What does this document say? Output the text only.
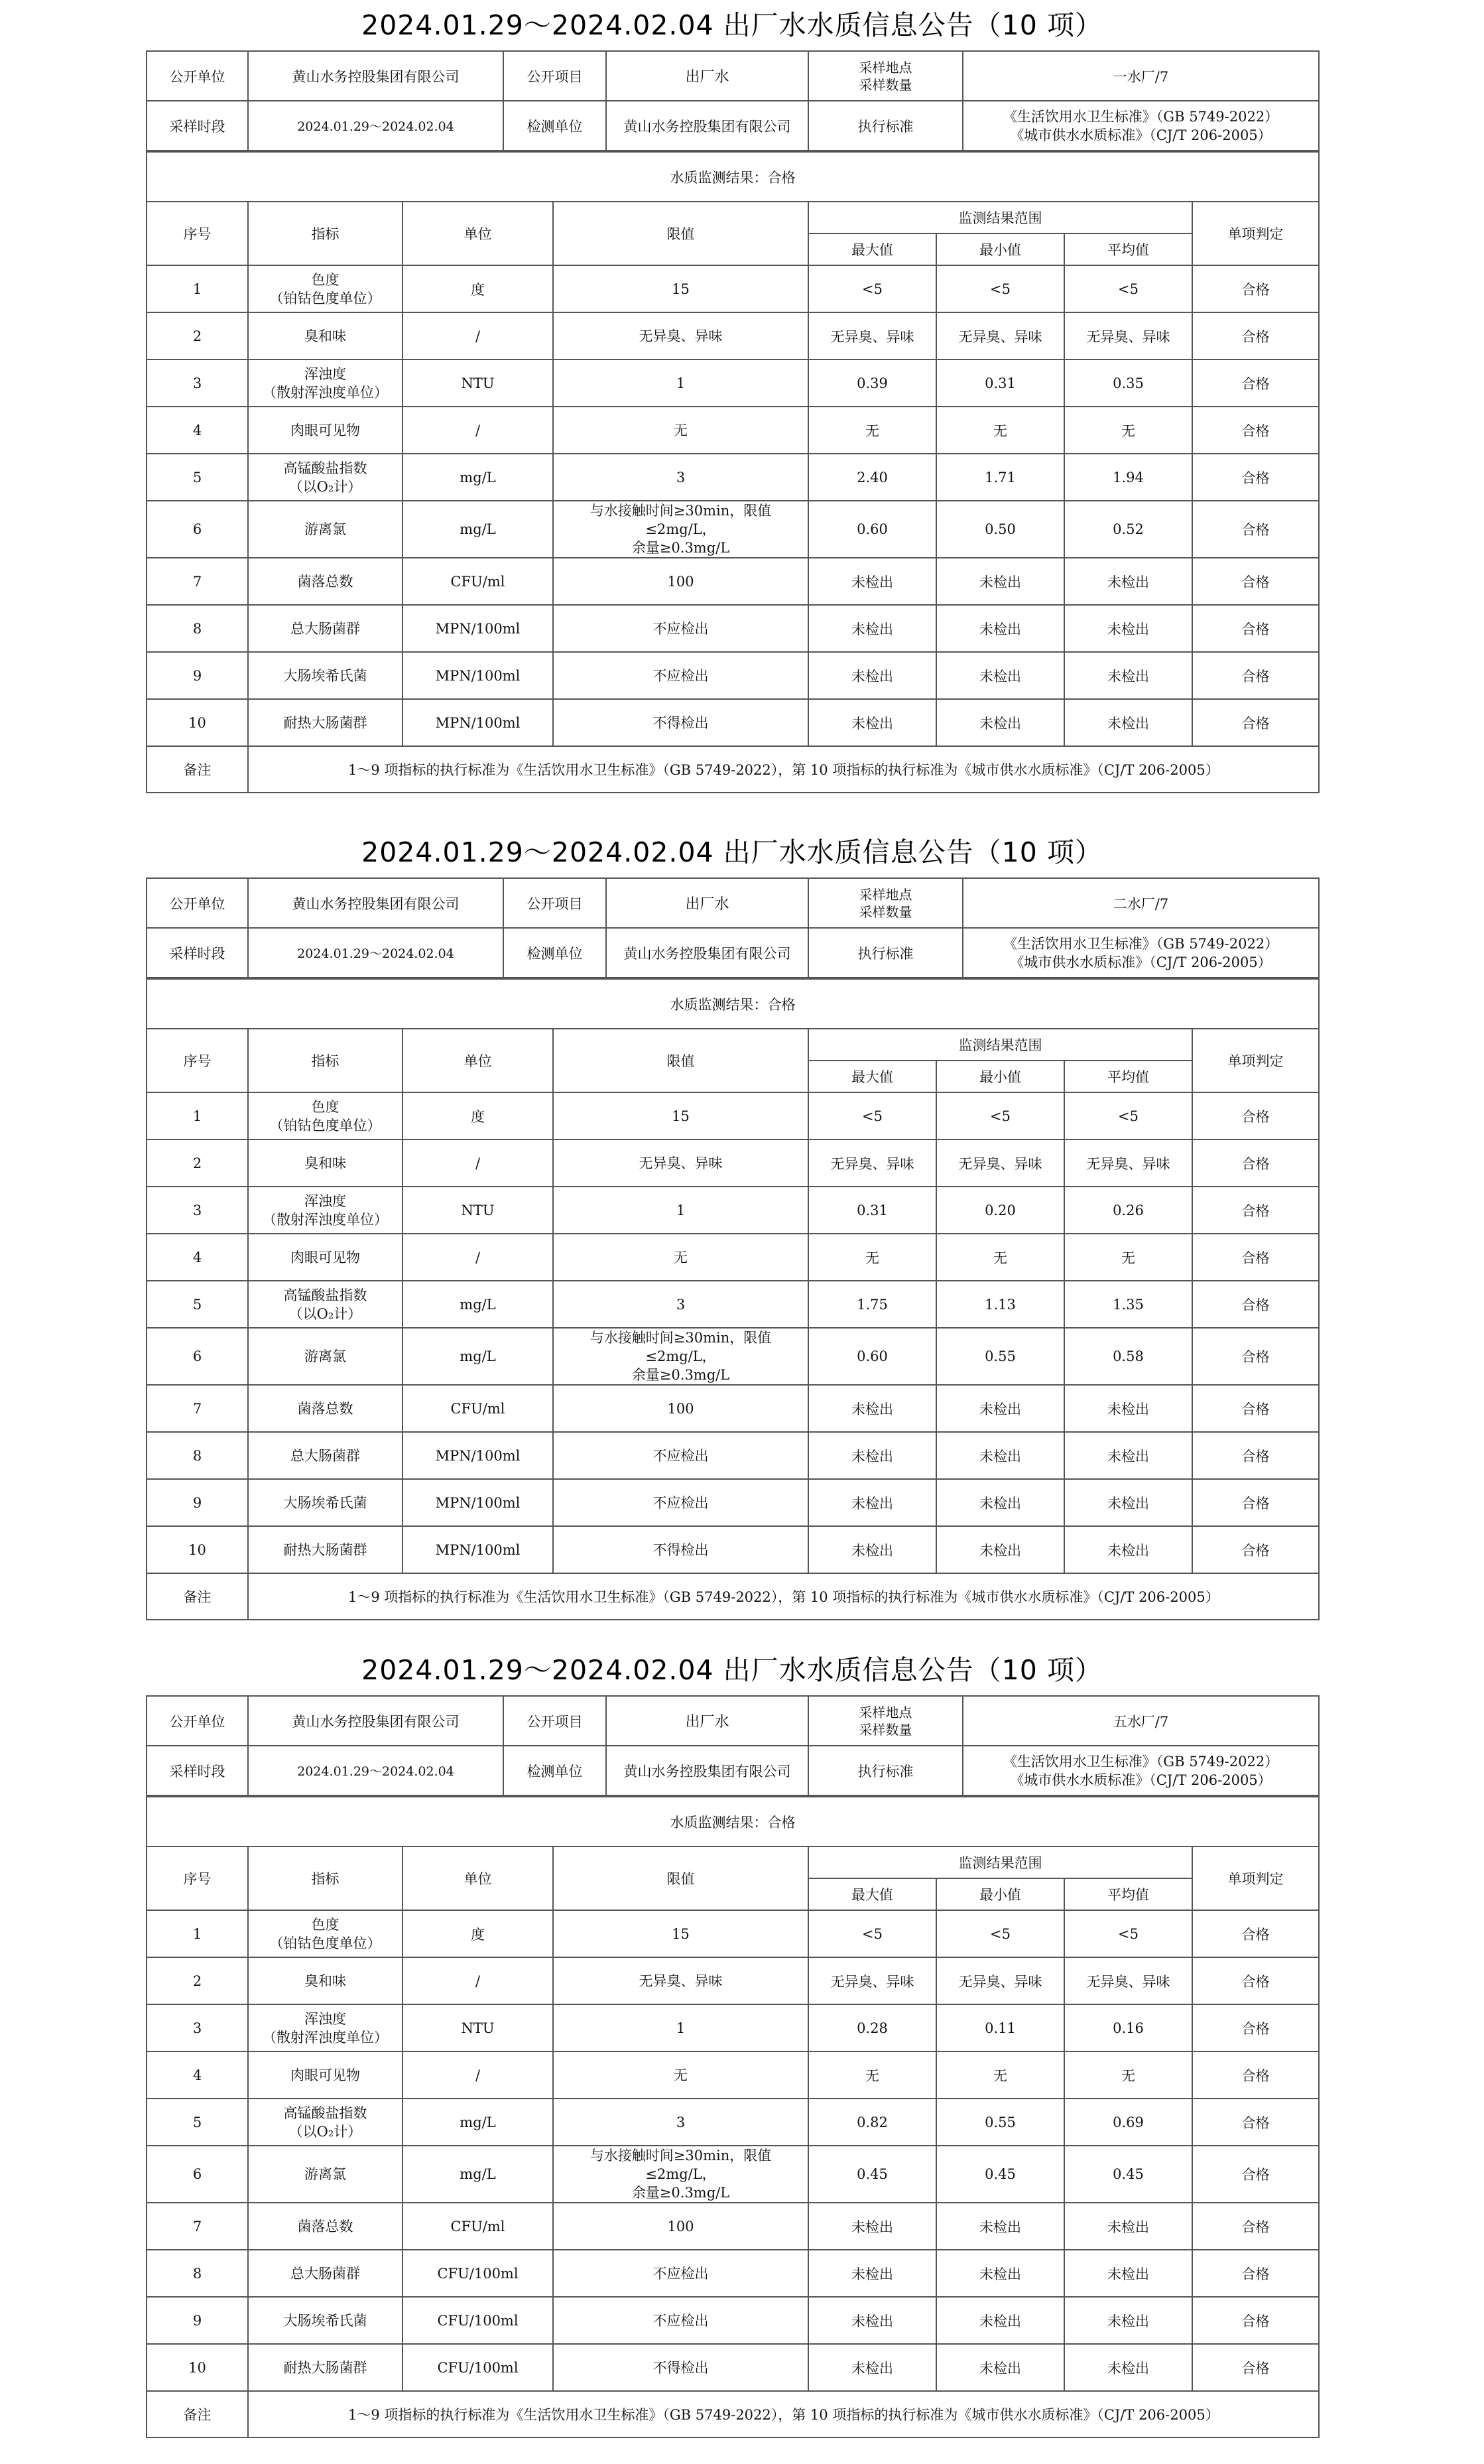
2024.01.29～2024.02.04 出厂水水质信息公告（10 项）
公开单位	黄山水务控股集团有限公司	公开项目	出厂水	采样地点
采样数量	一水厂/7
采样时段	2024.01.29～2024.02.04	检测单位	黄山水务控股集团有限公司	执行标准	《生活饮用水卫生标准》（GB 5749-2022）
《城市供水水质标准》（CJ/T 206-2005）
水质监测结果：合格							
序号	指标	单位	限值	监测结果范围			单项判定
				最大值	最小值	平均值	
1	色度
（铂钴色度单位）	度	15	<5	<5	<5	合格
2	臭和味	/	无异臭、异味	无异臭、异味	无异臭、异味	无异臭、异味	合格
3	浑浊度
（散射浑浊度单位）	NTU	1	0.39	0.31	0.35	合格
4	肉眼可见物	/	无	无	无	无	合格
5	高锰酸盐指数
（以O₂计）	mg/L	3	2.40	1.71	1.94	合格
6	游离氯	mg/L	与水接触时间≥30min，限值≤2mg/L，
余量≥0.3mg/L	0.60	0.50	0.52	合格
7	菌落总数	CFU/ml	100	未检出	未检出	未检出	合格
8	总大肠菌群	MPN/100ml	不应检出	未检出	未检出	未检出	合格
9	大肠埃希氏菌	MPN/100ml	不应检出	未检出	未检出	未检出	合格
10	耐热大肠菌群	MPN/100ml	不得检出	未检出	未检出	未检出	合格
备注	1～9 项指标的执行标准为《生活饮用水卫生标准》（GB 5749-2022），第 10 项指标的执行标准为《城市供水水质标准》（CJ/T 206-2005）						
2024.01.29～2024.02.04 出厂水水质信息公告（10 项）
公开单位	黄山水务控股集团有限公司	公开项目	出厂水	采样地点
采样数量	二水厂/7
采样时段	2024.01.29～2024.02.04	检测单位	黄山水务控股集团有限公司	执行标准	《生活饮用水卫生标准》（GB 5749-2022）
《城市供水水质标准》（CJ/T 206-2005）
水质监测结果：合格							
序号	指标	单位	限值	监测结果范围			单项判定
				最大值	最小值	平均值	
1	色度
（铂钴色度单位）	度	15	<5	<5	<5	合格
2	臭和味	/	无异臭、异味	无异臭、异味	无异臭、异味	无异臭、异味	合格
3	浑浊度
（散射浑浊度单位）	NTU	1	0.31	0.20	0.26	合格
4	肉眼可见物	/	无	无	无	无	合格
5	高锰酸盐指数
（以O₂计）	mg/L	3	1.75	1.13	1.35	合格
6	游离氯	mg/L	与水接触时间≥30min，限值≤2mg/L，
余量≥0.3mg/L	0.60	0.55	0.58	合格
7	菌落总数	CFU/ml	100	未检出	未检出	未检出	合格
8	总大肠菌群	MPN/100ml	不应检出	未检出	未检出	未检出	合格
9	大肠埃希氏菌	MPN/100ml	不应检出	未检出	未检出	未检出	合格
10	耐热大肠菌群	MPN/100ml	不得检出	未检出	未检出	未检出	合格
备注	1～9 项指标的执行标准为《生活饮用水卫生标准》（GB 5749-2022），第 10 项指标的执行标准为《城市供水水质标准》（CJ/T 206-2005）						
2024.01.29～2024.02.04 出厂水水质信息公告（10 项）
公开单位	黄山水务控股集团有限公司	公开项目	出厂水	采样地点
采样数量	五水厂/7
采样时段	2024.01.29～2024.02.04	检测单位	黄山水务控股集团有限公司	执行标准	《生活饮用水卫生标准》（GB 5749-2022）
《城市供水水质标准》（CJ/T 206-2005）
水质监测结果：合格							
序号	指标	单位	限值	监测结果范围			单项判定
				最大值	最小值	平均值	
1	色度
（铂钴色度单位）	度	15	<5	<5	<5	合格
2	臭和味	/	无异臭、异味	无异臭、异味	无异臭、异味	无异臭、异味	合格
3	浑浊度
（散射浑浊度单位）	NTU	1	0.28	0.11	0.16	合格
4	肉眼可见物	/	无	无	无	无	合格
5	高锰酸盐指数
（以O₂计）	mg/L	3	0.82	0.55	0.69	合格
6	游离氯	mg/L	与水接触时间≥30min，限值≤2mg/L，
余量≥0.3mg/L	0.45	0.45	0.45	合格
7	菌落总数	CFU/ml	100	未检出	未检出	未检出	合格
8	总大肠菌群	CFU/100ml	不应检出	未检出	未检出	未检出	合格
9	大肠埃希氏菌	CFU/100ml	不应检出	未检出	未检出	未检出	合格
10	耐热大肠菌群	CFU/100ml	不得检出	未检出	未检出	未检出	合格
备注	1～9 项指标的执行标准为《生活饮用水卫生标准》（GB 5749-2022），第 10 项指标的执行标准为《城市供水水质标准》（CJ/T 206-2005）						
